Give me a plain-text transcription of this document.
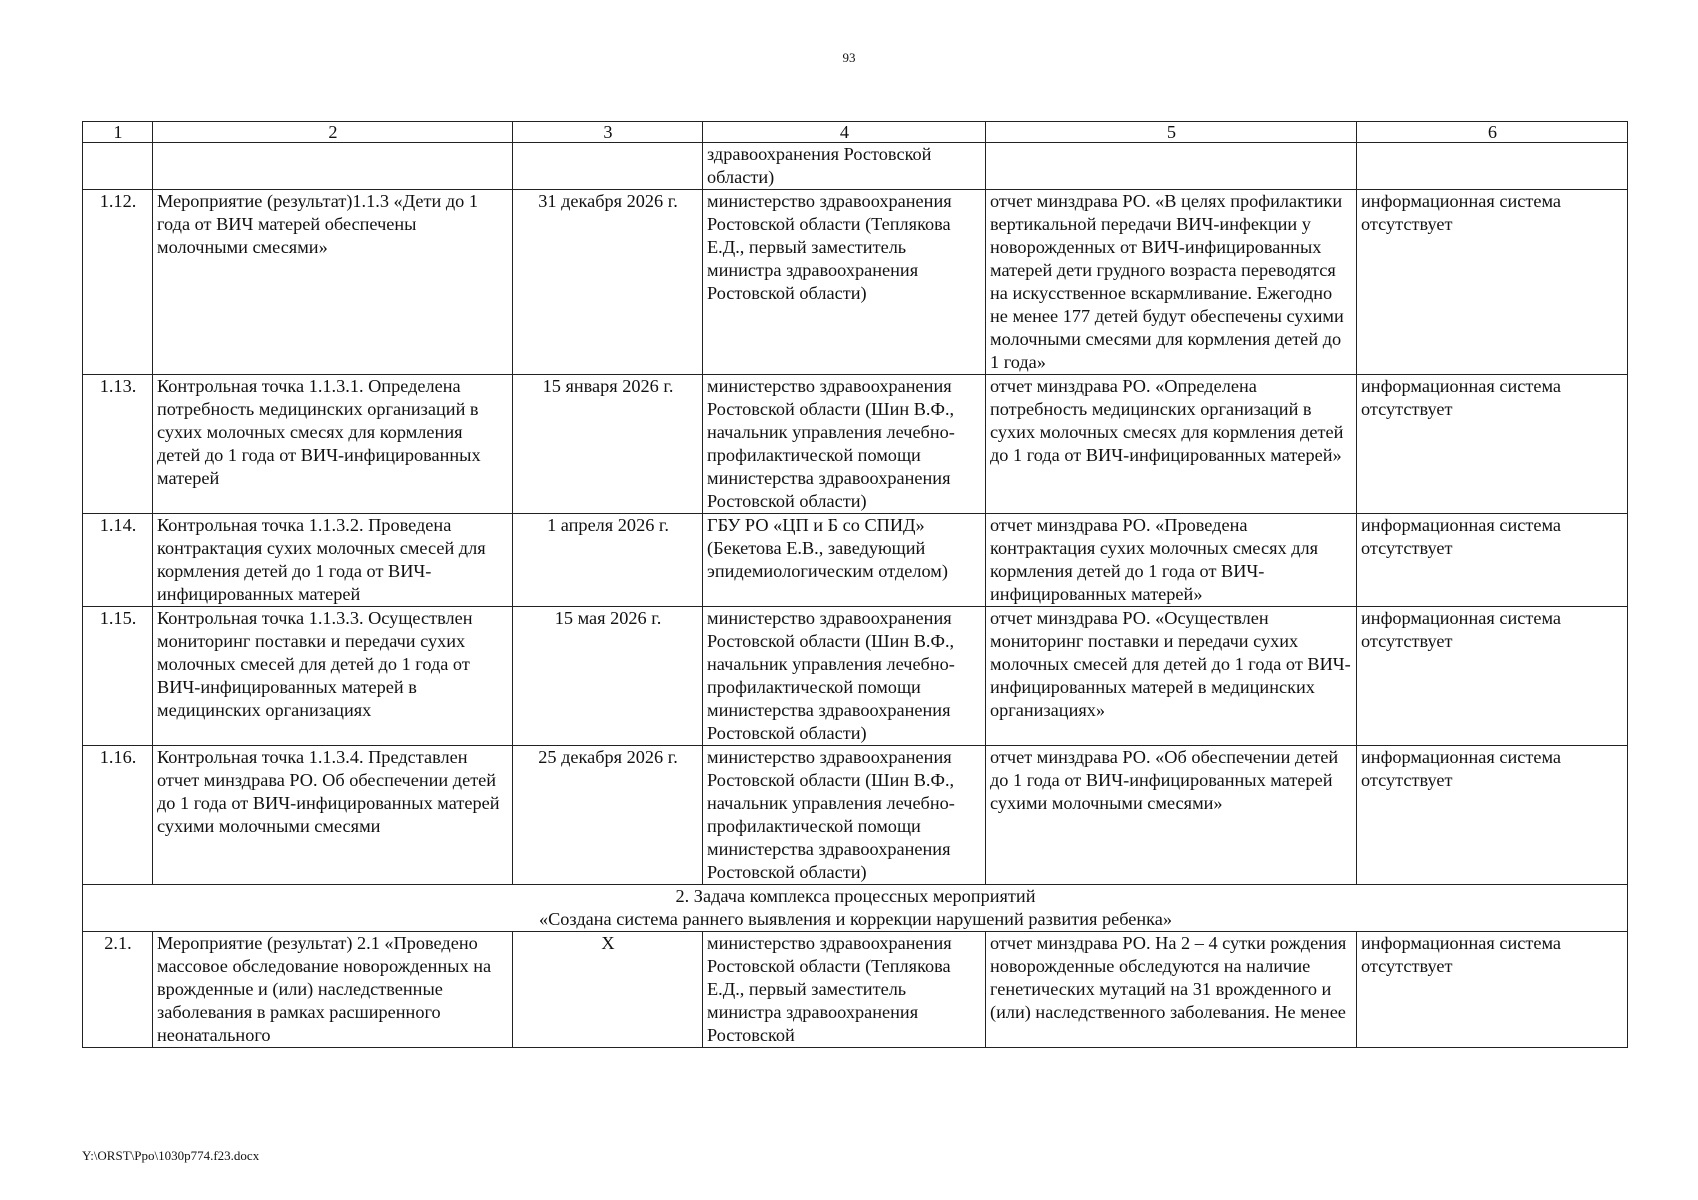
93
1	2	3	4	5	6
			здравоохранения Ростовской области)		
1.12.	Мероприятие (результат)1.1.3 «Дети до 1 года от ВИЧ матерей обеспечены молочными смесями»	31 декабря 2026 г.	министерство здравоохранения Ростовской области (Теплякова Е.Д., первый заместитель министра здравоохранения Ростовской области)	отчет минздрава РО. «В целях профилактики вертикальной передачи ВИЧ-инфекции у новорожденных от ВИЧ-инфицированных матерей дети грудного возраста переводятся на искусственное вскармливание. Ежегодно не менее 177 детей будут обеспечены сухими молочными смесями для кормления детей до 1 года»	информационная система отсутствует
1.13.	Контрольная точка 1.1.3.1. Определена потребность медицинских организаций в сухих молочных смесях для кормления детей до 1 года от ВИЧ-инфицированных матерей	15 января 2026 г.	министерство здравоохранения Ростовской области (Шин В.Ф., начальник управления лечебно-профилактической помощи министерства здравоохранения Ростовской области)	отчет минздрава РО. «Определена потребность медицинских организаций в сухих молочных смесях для кормления детей до 1 года от ВИЧ-инфицированных матерей»	информационная система отсутствует
1.14.	Контрольная точка 1.1.3.2. Проведена контрактация сухих молочных смесей для кормления детей до 1 года от ВИЧ-инфицированных матерей	1 апреля 2026 г.	ГБУ РО «ЦП и Б со СПИД» (Бекетова Е.В., заведующий эпидемиологическим отделом)	отчет минздрава РО. «Проведена контрактация сухих молочных смесях для кормления детей до 1 года от ВИЧ-инфицированных матерей»	информационная система отсутствует
1.15.	Контрольная точка 1.1.3.3. Осуществлен мониторинг поставки и передачи сухих молочных смесей для детей до 1 года от ВИЧ-инфицированных матерей в медицинских организациях	15 мая 2026 г.	министерство здравоохранения Ростовской области (Шин В.Ф., начальник управления лечебно-профилактической помощи министерства здравоохранения Ростовской области)	отчет минздрава РО. «Осуществлен мониторинг поставки и передачи сухих молочных смесей для детей до 1 года от ВИЧ-инфицированных матерей в медицинских организациях»	информационная система отсутствует
1.16.	Контрольная точка 1.1.3.4. Представлен отчет минздрава РО. Об обеспечении детей до 1 года от ВИЧ-инфицированных матерей сухими молочными смесями	25 декабря 2026 г.	министерство здравоохранения Ростовской области (Шин В.Ф., начальник управления лечебно-профилактической помощи министерства здравоохранения Ростовской области)	отчет минздрава РО. «Об обеспечении детей до 1 года от ВИЧ-инфицированных матерей сухими молочными смесями»	информационная система отсутствует

2. Задача комплекса процессных мероприятий
«Создана система раннего выявления и коррекции нарушений развития ребенка»					

2.1.	Мероприятие (результат) 2.1 «Проведено массовое обследование новорожденных на врожденные и (или) наследственные заболевания в рамках расширенного неонатального	X	министерство здравоохранения Ростовской области (Теплякова Е.Д., первый заместитель министра здравоохранения Ростовской	отчет минздрава РО. На 2 – 4 сутки рождения новорожденные обследуются на наличие генетических мутаций на 31 врожденного и (или) наследственного заболевания. Не менее	информационная система отсутствует
Y:\ORST\Ppo\1030p774.f23.docx
